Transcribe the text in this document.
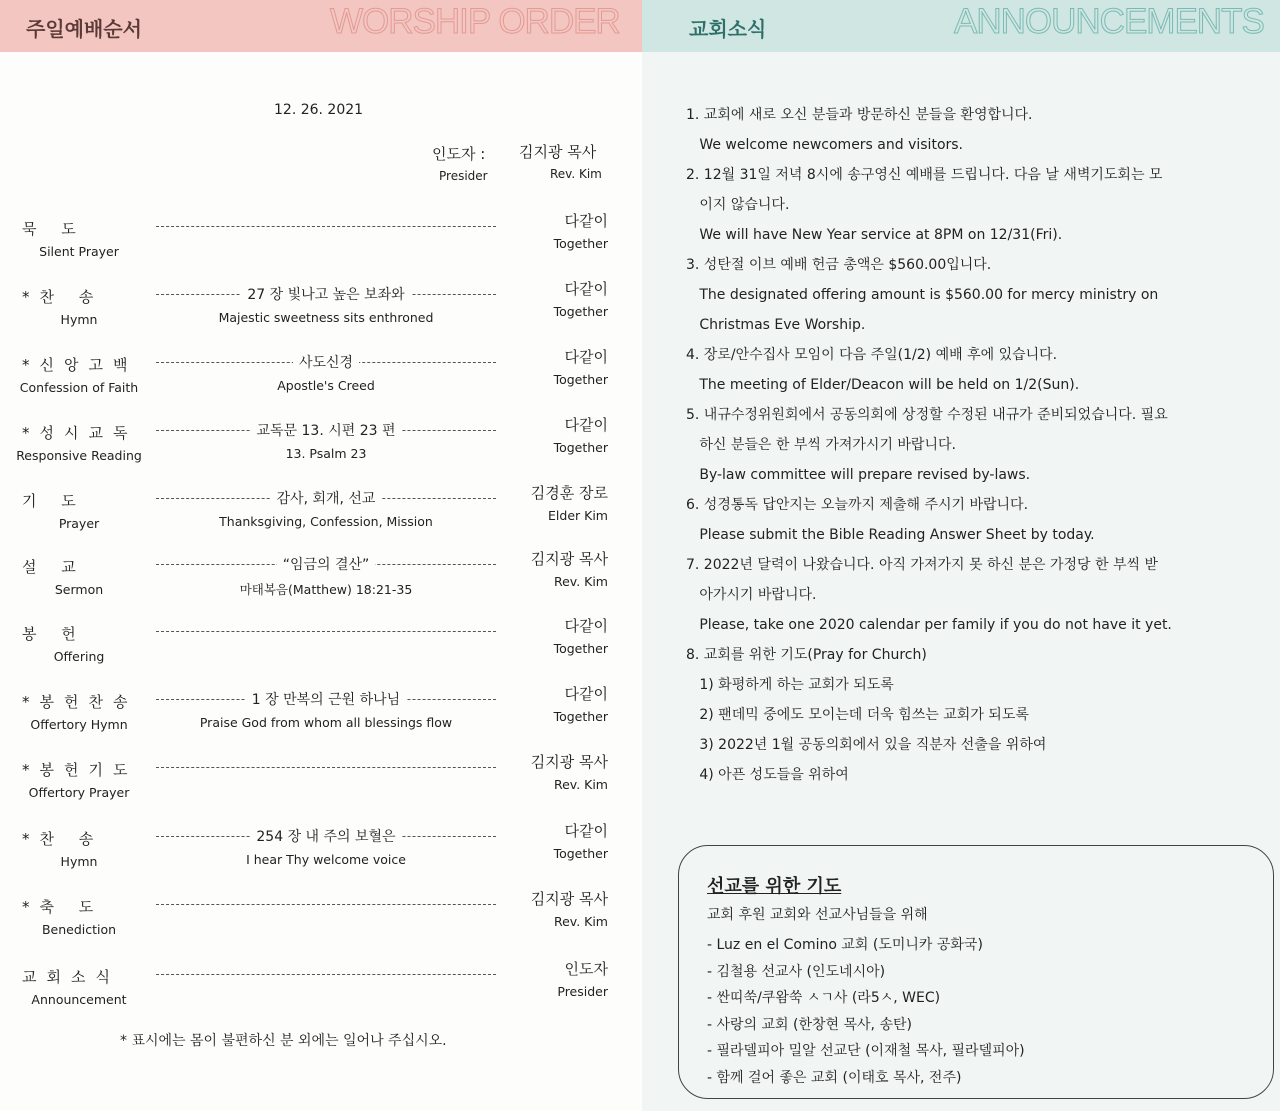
주일예배순서	WORSHIP ORDER
12. 26. 2021
인도자 :
Presider
김지광 목사
Rev. Kim
묵 도
Silent Prayer
다같이
Together
*찬 송
Hymn
27 장 빛나고 높은 보좌와
Majestic sweetness sits enthroned
다같이
Together
*신앙고백
Confession of Faith
사도신경
Apostle's Creed
다같이
Together
*성시교독
Responsive Reading
교독문 13. 시편 23 편
13. Psalm 23
다같이
Together
기 도
Prayer
감사, 회개, 선교
Thanksgiving, Confession, Mission
김경훈 장로
Elder Kim
설 교
Sermon
“임금의 결산”
마태복음(Matthew) 18:21-35
김지광 목사
Rev. Kim
봉 헌
Offering
다같이
Together
*봉헌찬송
Offertory Hymn
1 장 만복의 근원 하나님
Praise God from whom all blessings flow
다같이
Together
*봉헌기도
Offertory Prayer
김지광 목사
Rev. Kim
*찬 송
Hymn
254 장 내 주의 보혈은
I hear Thy welcome voice
다같이
Together
*축 도
Benediction
김지광 목사
Rev. Kim
교회소식
Announcement
인도자
Presider
* 표시에는 몸이 불편하신 분 외에는 일어나 주십시오.
교회소식	ANNOUNCEMENTS
1. 교회에 새로 오신 분들과 방문하신 분들을 환영합니다.
We welcome newcomers and visitors.
2. 12월 31일 저녁 8시에 송구영신 예배를 드립니다. 다음 날 새벽기도회는 모
이지 않습니다.
We will have New Year service at 8PM on 12/31(Fri).
3. 성탄절 이브 예배 헌금 총액은 $560.00입니다.
The designated offering amount is $560.00 for mercy ministry on
Christmas Eve Worship.
4. 장로/안수집사 모임이 다음 주일(1/2) 예배 후에 있습니다.
The meeting of Elder/Deacon will be held on 1/2(Sun).
5. 내규수정위원회에서 공동의회에 상정할 수정된 내규가 준비되었습니다. 필요
하신 분들은 한 부씩 가져가시기 바랍니다.
By-law committee will prepare revised by-laws.
6. 성경통독 답안지는 오늘까지 제출해 주시기 바랍니다.
Please submit the Bible Reading Answer Sheet by today.
7. 2022년 달력이 나왔습니다. 아직 가져가지 못 하신 분은 가정당 한 부씩 받
아가시기 바랍니다.
Please, take one 2020 calendar per family if you do not have it yet.
8. 교회를 위한 기도(Pray for Church)
1) 화평하게 하는 교회가 되도록
2) 팬데믹 중에도 모이는데 더욱 힘쓰는 교회가 되도록
3) 2022년 1월 공동의회에서 있을 직분자 선출을 위하여
4) 아픈 성도들을 위하여
선교를 위한 기도
교회 후원 교회와 선교사님들을 위해
- Luz en el Comino 교회 (도미니카 공화국)
- 김철용 선교사 (인도네시아)
- 싼띠쑥/쿠왐쑥 ㅅㄱ사 (라5ㅅ, WEC)
- 사랑의 교회 (한창현 목사, 송탄)
- 필라델피아 밀알 선교단 (이재철 목사, 필라델피아)
- 함께 걸어 좋은 교회 (이태호 목사, 전주)
